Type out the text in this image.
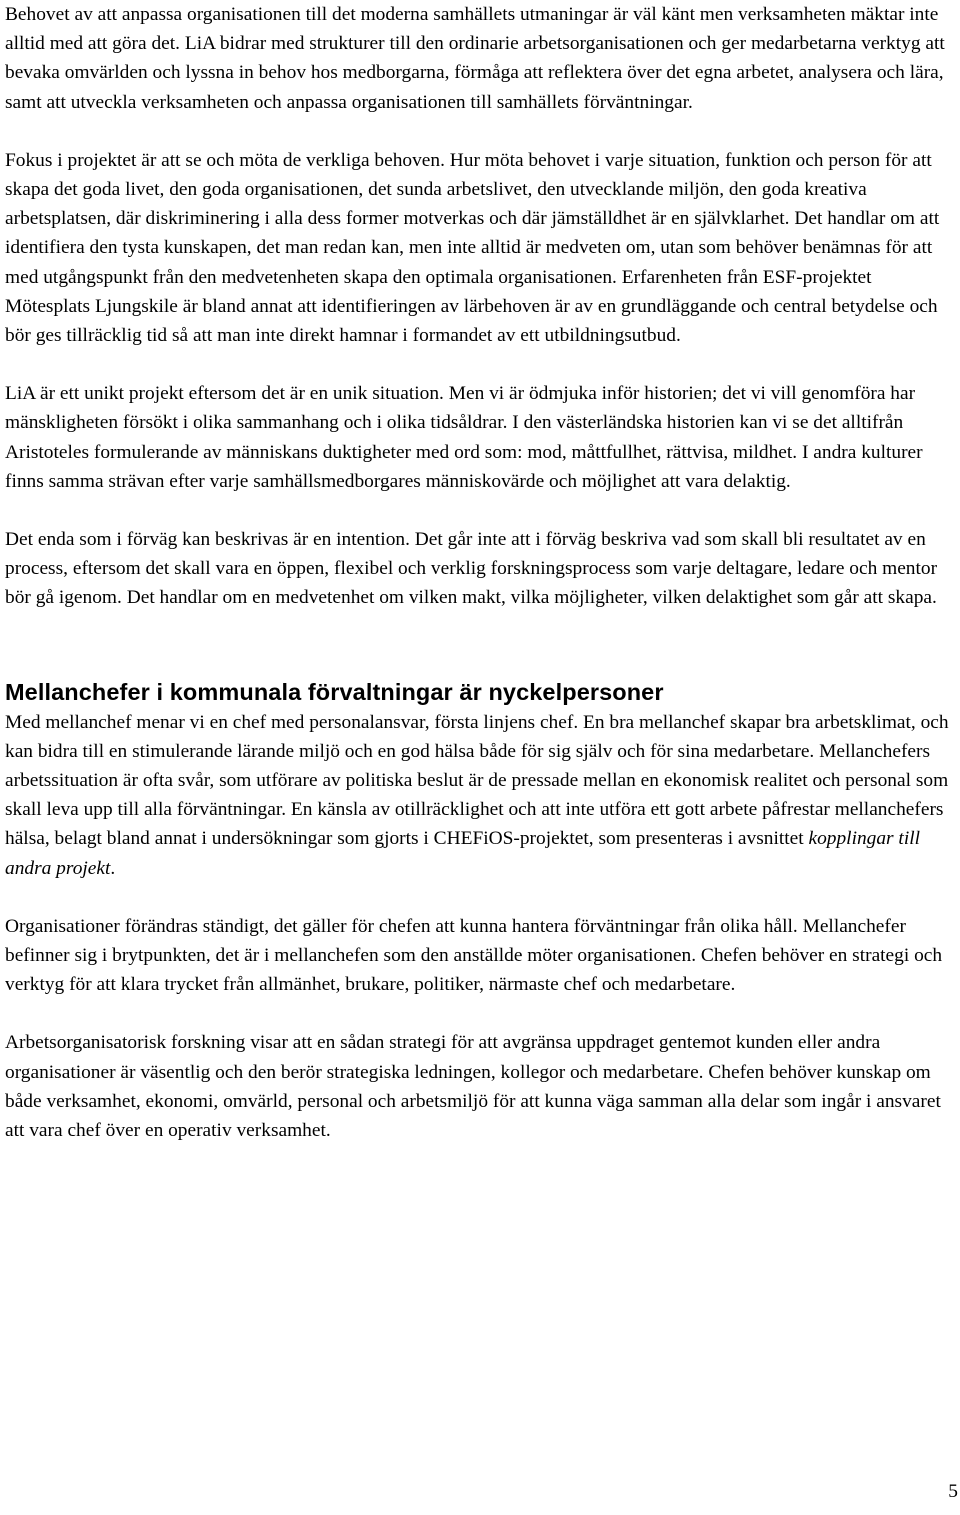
Behovet av att anpassa organisationen till det moderna samhällets utmaningar är väl känt men verksamheten mäktar inte alltid med att göra det. LiA bidrar med strukturer till den ordinarie arbetsorganisationen och ger medarbetarna verktyg att bevaka omvärlden och lyssna in behov hos medborgarna, förmåga att reflektera över det egna arbetet, analysera och lära, samt att utveckla verksamheten och anpassa organisationen till samhällets förväntningar.

Fokus i projektet är att se och möta de verkliga behoven. Hur möta behovet i varje situation, funktion och person för att skapa det goda livet, den goda organisationen, det sunda arbetslivet, den utvecklande miljön, den goda kreativa arbetsplatsen, där diskriminering i alla dess former motverkas och där jämställdhet är en självklarhet. Det handlar om att identifiera den tysta kunskapen, det man redan kan, men inte alltid är medveten om, utan som behöver benämnas för att med utgångspunkt från den medvetenheten skapa den optimala organisationen. Erfarenheten från ESF-projektet Mötesplats Ljungskile är bland annat att identifieringen av lärbehoven är av en grundläggande och central betydelse och bör ges tillräcklig tid så att man inte direkt hamnar i formandet av ett utbildningsutbud.

LiA är ett unikt projekt eftersom det är en unik situation. Men vi är ödmjuka inför historien; det vi vill genomföra har mänskligheten försökt i olika sammanhang och i olika tidsåldrar. I den västerländska historien kan vi se det alltifrån Aristoteles formulerande av människans duktigheter med ord som: mod, måttfullhet, rättvisa, mildhet. I andra kulturer finns samma strävan efter varje samhällsmedborgares människovärde och möjlighet att vara delaktig.

Det enda som i förväg kan beskrivas är en intention. Det går inte att i förväg beskriva vad som skall bli resultatet av en process, eftersom det skall vara en öppen, flexibel och verklig forskningsprocess som varje deltagare, ledare och mentor bör gå igenom. Det handlar om en medvetenhet om vilken makt, vilka möjligheter, vilken delaktighet som går att skapa.

Mellanchefer i kommunala förvaltningar är nyckelpersoner

Med mellanchef menar vi en chef med personalansvar, första linjens chef. En bra mellanchef skapar bra arbetsklimat, och kan bidra till en stimulerande lärande miljö och en god hälsa både för sig själv och för sina medarbetare. Mellanchefers arbetssituation är ofta svår, som utförare av politiska beslut är de pressade mellan en ekonomisk realitet och personal som skall leva upp till alla förväntningar. En känsla av otillräcklighet och att inte utföra ett gott arbete påfrestar mellanchefers hälsa, belagt bland annat i undersökningar som gjorts i CHEFiOS-projektet, som presenteras i avsnittet kopplingar till andra projekt.

Organisationer förändras ständigt, det gäller för chefen att kunna hantera förväntningar från olika håll. Mellanchefer befinner sig i brytpunkten, det är i mellanchefen som den anställde möter organisationen. Chefen behöver en strategi och verktyg för att klara trycket från allmänhet, brukare, politiker, närmaste chef och medarbetare.

Arbetsorganisatorisk forskning visar att en sådan strategi för att avgränsa uppdraget gentemot kunden eller andra organisationer är väsentlig och den berör strategiska ledningen, kollegor och medarbetare. Chefen behöver kunskap om både verksamhet, ekonomi, omvärld, personal och arbetsmiljö för att kunna väga samman alla delar som ingår i ansvaret att vara chef över en operativ verksamhet.

5
